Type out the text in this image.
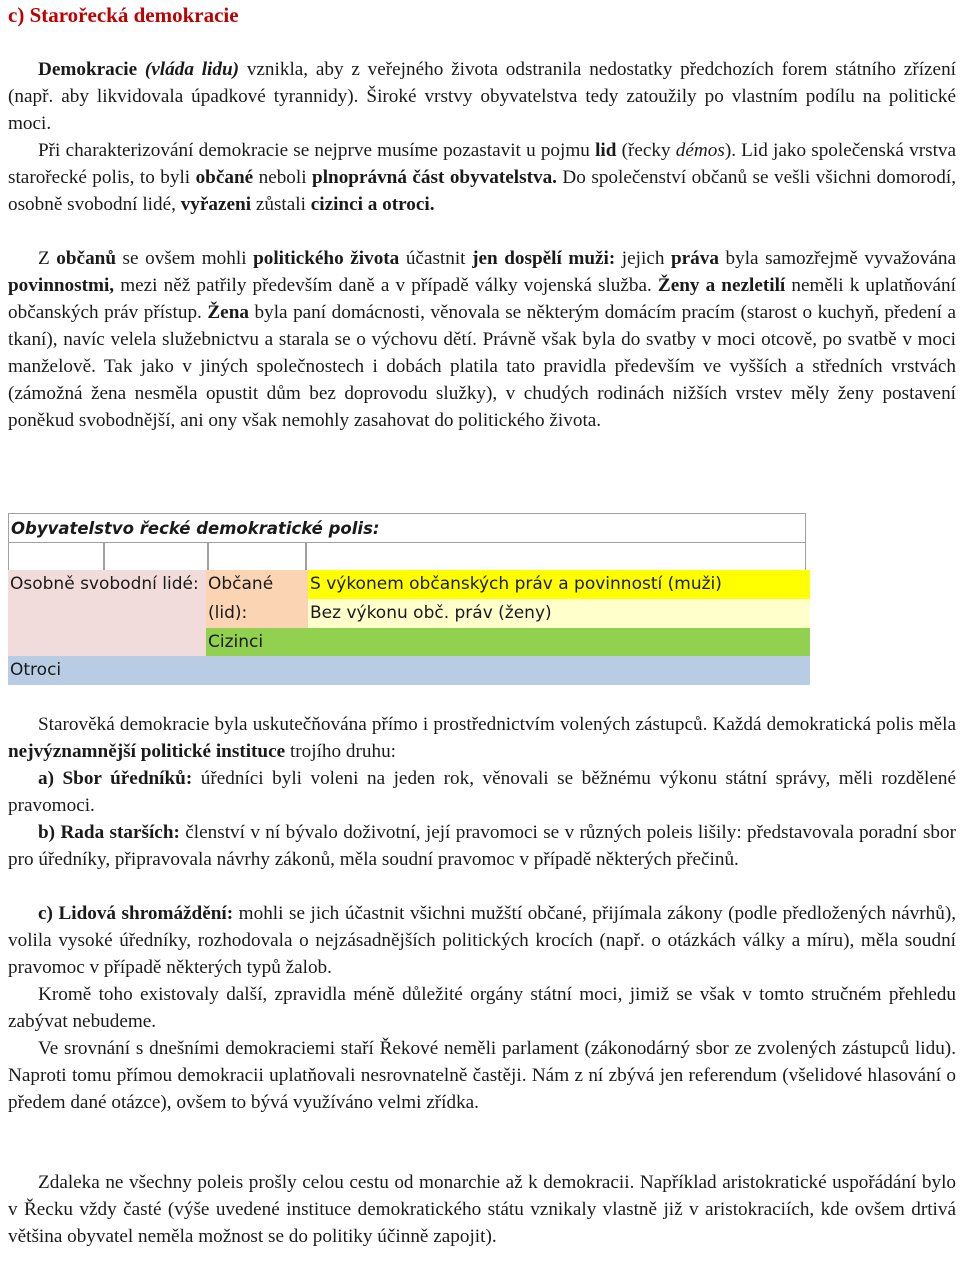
c) Starořecká demokracie

Demokracie (vláda lidu) vznikla, aby z veřejného života odstranila nedostatky předchozích forem státního zřízení (např. aby likvidovala úpadkové tyrannidy). Široké vrstvy obyvatelstva tedy zatoužily po vlastním podílu na politické moci.

Při charakterizování demokracie se nejprve musíme pozastavit u pojmu lid (řecky démos). Lid jako společenská vrstva starořecké polis, to byli občané neboli plnoprávná část obyvatelstva. Do společenství občanů se vešli všichni domorodí, osobně svobodní lidé, vyřazeni zůstali cizinci a otroci.

Z občanů se ovšem mohli politického života účastnit jen dospělí muži: jejich práva byla samozřejmě vyvažována povinnostmi, mezi něž patřily především daně a v případě války vojenská služba. Ženy a nezletilí neměli k uplatňování občanských práv přístup. Žena byla paní domácnosti, věnovala se některým domácím pracím (starost o kuchyň, předení a tkaní), navíc velela služebnictvu a starala se o výchovu dětí. Právně však byla do svatby v moci otcově, po svatbě v moci manželově. Tak jako v jiných společnostech i dobách platila tato pravidla především ve vyšších a středních vrstvách (zámožná žena nesměla opustit dům bez doprovodu služky), v chudých rodinách nižších vrstev měly ženy postavení poněkud svobodnější, ani ony však nemohly zasahovat do politického života.

Obyvatelstvo řecké demokratické polis:
Osobně svobodní lidé: Občané (lid):
S výkonem občanských práv a povinností (muži)
Bez výkonu obč. práv (ženy)
Cizinci
Otroci

Starověká demokracie byla uskutečňována přímo i prostřednictvím volených zástupců. Každá demokratická polis měla nejvýznamnější politické instituce trojího druhu:

a) Sbor úředníků: úředníci byli voleni na jeden rok, věnovali se běžnému výkonu státní správy, měli rozdělené pravomoci.

b) Rada starších: členství v ní bývalo doživotní, její pravomoci se v různých poleis lišily: představovala poradní sbor pro úředníky, připravovala návrhy zákonů, měla soudní pravomoc v případě některých přečinů.

c) Lidová shromáždění: mohli se jich účastnit všichni mužští občané, přijímala zákony (podle předložených návrhů), volila vysoké úředníky, rozhodovala o nejzásadnějších politických krocích (např. o otázkách války a míru), měla soudní pravomoc v případě některých typů žalob.

Kromě toho existovaly další, zpravidla méně důležité orgány státní moci, jimiž se však v tomto stručném přehledu zabývat nebudeme.

Ve srovnání s dnešními demokraciemi staří Řekové neměli parlament (zákonodárný sbor ze zvolených zástupců lidu). Naproti tomu přímou demokracii uplatňovali nesrovnatelně častěji. Nám z ní zbývá jen referendum (všelidové hlasování o předem dané otázce), ovšem to bývá využíváno velmi zřídka.

Zdaleka ne všechny poleis prošly celou cestu od monarchie až k demokracii. Například aristokratické uspořádání bylo v Řecku vždy časté (výše uvedené instituce demokratického státu vznikaly vlastně již v aristokraciích, kde ovšem drtivá většina obyvatel neměla možnost se do politiky účinně zapojit).
